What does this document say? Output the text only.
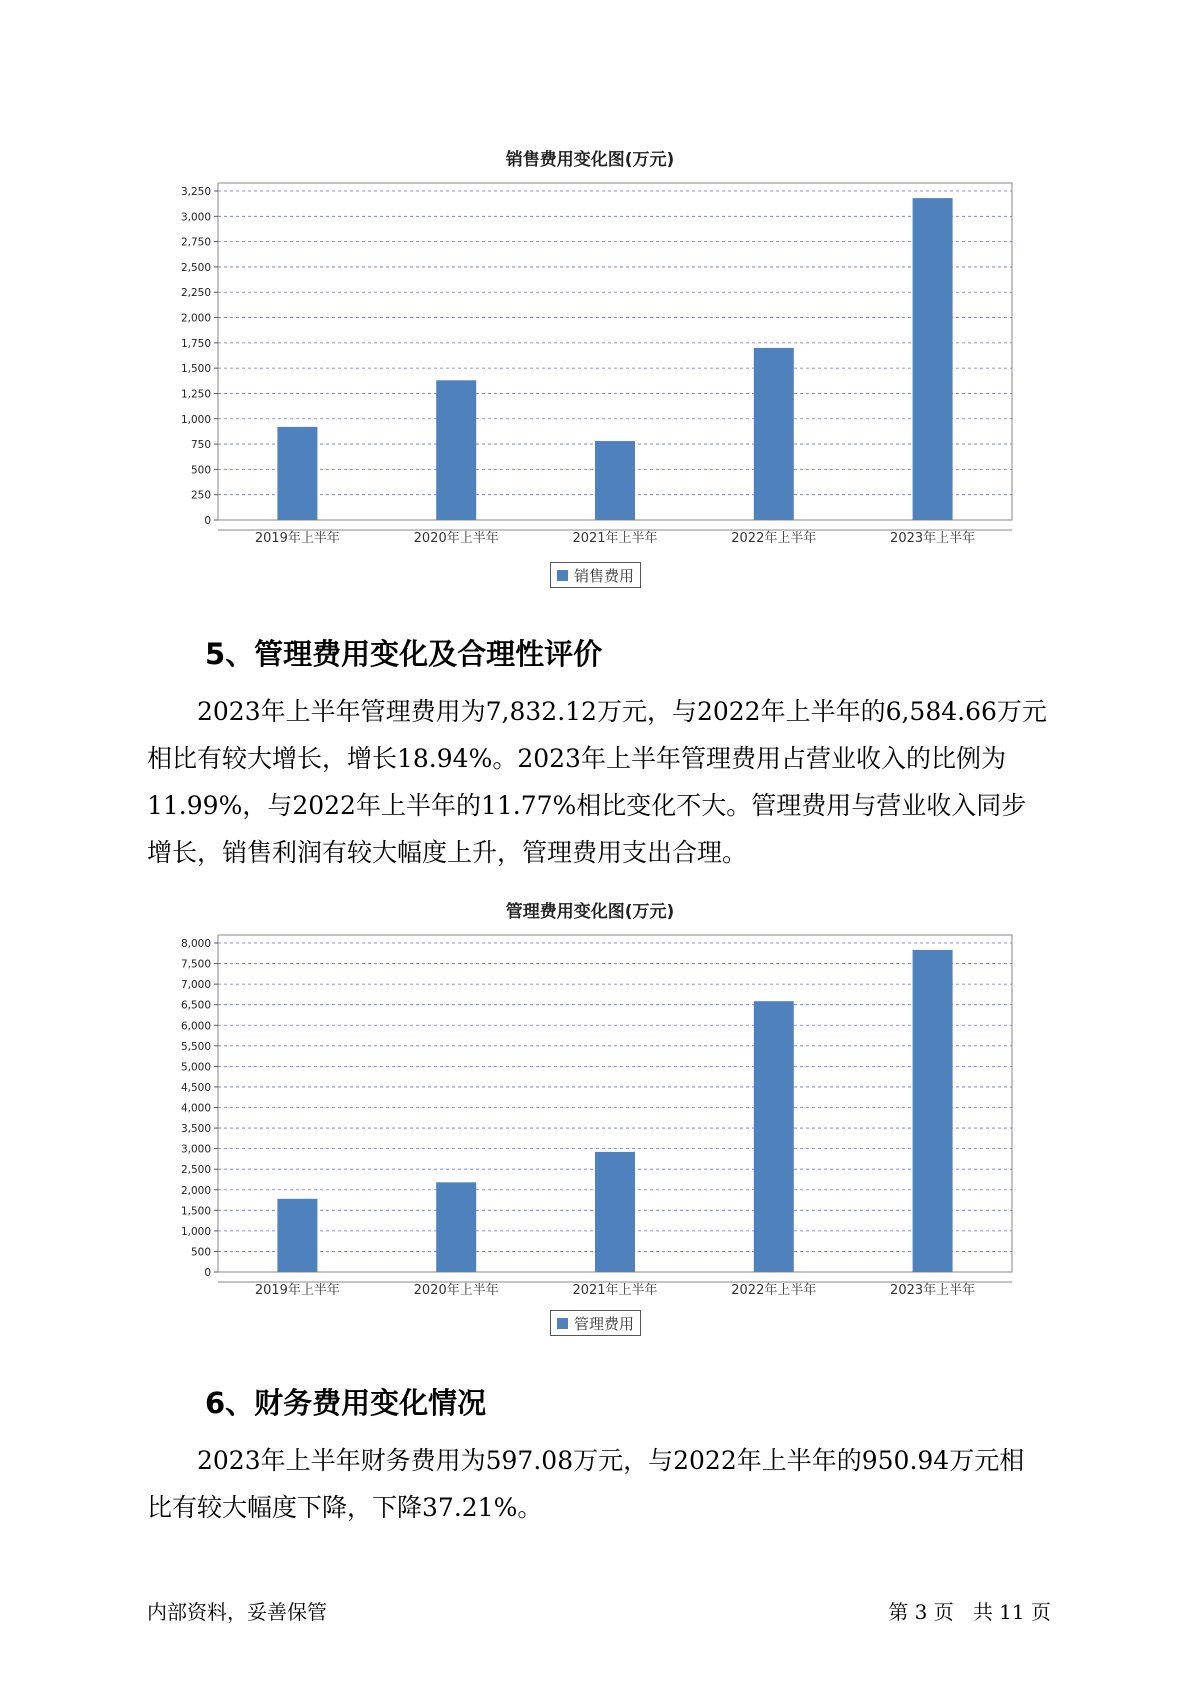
销售费用变化图(万元)
0
250
500
750
1,000
1,250
1,500
1,750
2,000
2,250
2,500
2,750
3,000
3,250
2019年上半年	2020年上半年	2021年上半年	2022年上半年	2023年上半年
销售费用
5、管理费用变化及合理性评价

2023年上半年管理费用为7,832.12万元，与2022年上半年的6,584.66万元相比有较大增长，增长18.94%。2023年上半年管理费用占营业收入的比例为11.99%，与2022年上半年的11.77%相比变化不大。管理费用与营业收入同步增长，销售利润有较大幅度上升，管理费用支出合理。

管理费用变化图(万元)
0
500
1,000
1,500
2,000
2,500
3,000
3,500
4,000
4,500
5,000
5,500
6,000
6,500
7,000
7,500
8,000
2019年上半年	2020年上半年	2021年上半年	2022年上半年	2023年上半年
管理费用
6、财务费用变化情况

2023年上半年财务费用为597.08万元，与2022年上半年的950.94万元相比有较大幅度下降，下降37.21%。

内部资料，妥善保管	第 3 页   共 11 页
